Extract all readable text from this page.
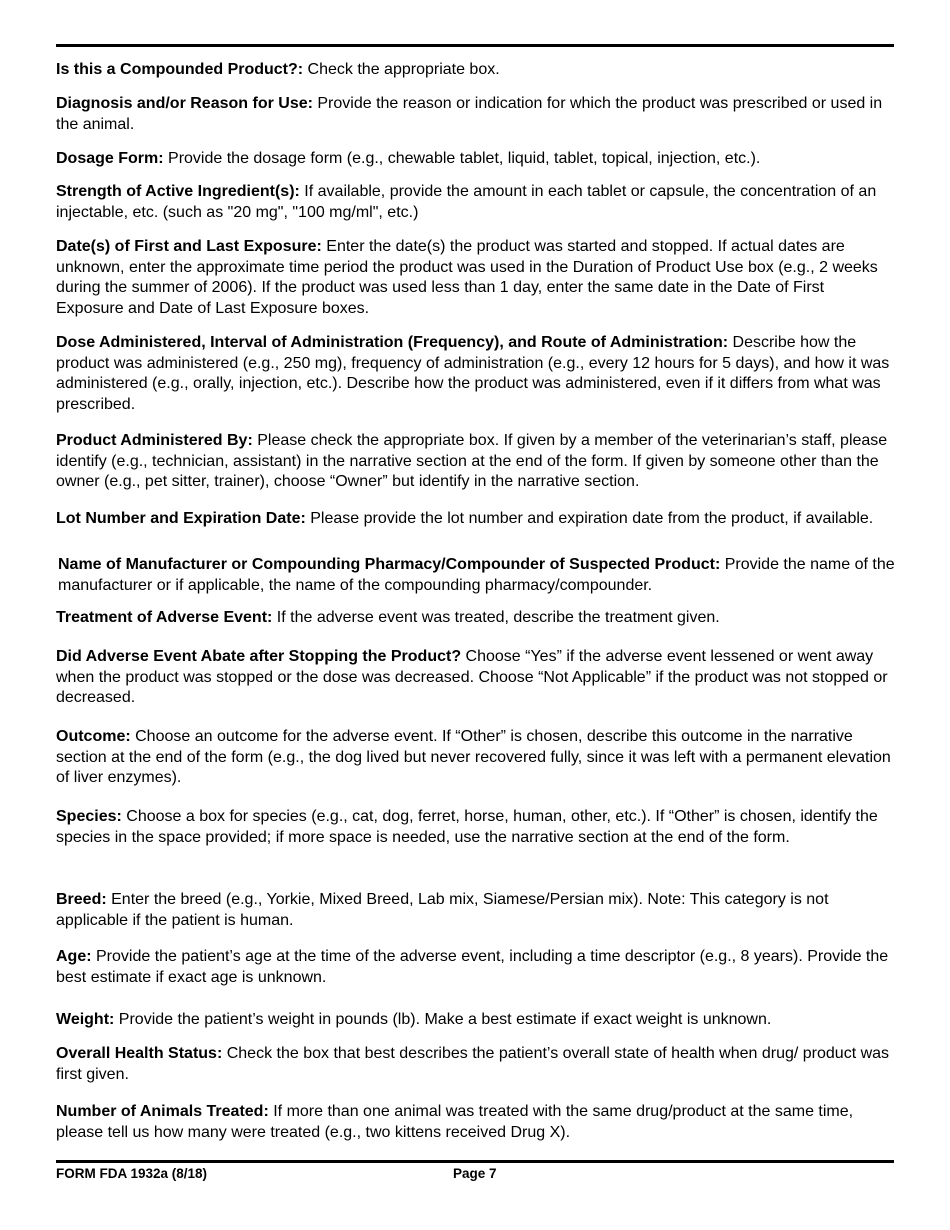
Is this a Compounded Product?: Check the appropriate box.

Diagnosis and/or Reason for Use: Provide the reason or indication for which the product was prescribed or used in the animal.

Dosage Form: Provide the dosage form (e.g., chewable tablet, liquid, tablet, topical, injection, etc.).

Strength of Active Ingredient(s): If available, provide the amount in each tablet or capsule, the concentration of an injectable, etc. (such as "20 mg", "100 mg/ml", etc.)

Date(s) of First and Last Exposure: Enter the date(s) the product was started and stopped. If actual dates are unknown, enter the approximate time period the product was used in the Duration of Product Use box (e.g., 2 weeks during the summer of 2006). If the product was used less than 1 day, enter the same date in the Date of First Exposure and Date of Last Exposure boxes.

Dose Administered, Interval of Administration (Frequency), and Route of Administration: Describe how the product was administered (e.g., 250 mg), frequency of administration (e.g., every 12 hours for 5 days), and how it was administered (e.g., orally, injection, etc.). Describe how the product was administered, even if it differs from what was prescribed.

Product Administered By: Please check the appropriate box. If given by a member of the veterinarian’s staff, please identify (e.g., technician, assistant) in the narrative section at the end of the form. If given by someone other than the owner (e.g., pet sitter, trainer), choose “Owner” but identify in the narrative section.

Lot Number and Expiration Date: Please provide the lot number and expiration date from the product, if available.

Name of Manufacturer or Compounding Pharmacy/Compounder of Suspected Product: Provide the name of the manufacturer or if applicable, the name of the compounding pharmacy/compounder.

Treatment of Adverse Event: If the adverse event was treated, describe the treatment given.

Did Adverse Event Abate after Stopping the Product? Choose “Yes” if the adverse event lessened or went away when the product was stopped or the dose was decreased. Choose “Not Applicable” if the product was not stopped or decreased.

Outcome: Choose an outcome for the adverse event. If “Other” is chosen, describe this outcome in the narrative section at the end of the form (e.g., the dog lived but never recovered fully, since it was left with a permanent elevation of liver enzymes).

Species: Choose a box for species (e.g., cat, dog, ferret, horse, human, other, etc.). If “Other” is chosen, identify the species in the space provided; if more space is needed, use the narrative section at the end of the form.

Breed: Enter the breed (e.g., Yorkie, Mixed Breed, Lab mix, Siamese/Persian mix). Note: This category is not applicable if the patient is human.

Age: Provide the patient’s age at the time of the adverse event, including a time descriptor (e.g., 8 years). Provide the best estimate if exact age is unknown.

Weight: Provide the patient’s weight in pounds (lb). Make a best estimate if exact weight is unknown.

Overall Health Status: Check the box that best describes the patient’s overall state of health when drug/ product was first given.

Number of Animals Treated: If more than one animal was treated with the same drug/product at the same time, please tell us how many were treated (e.g., two kittens received Drug X).

FORM FDA 1932a (8/18)	Page 7
